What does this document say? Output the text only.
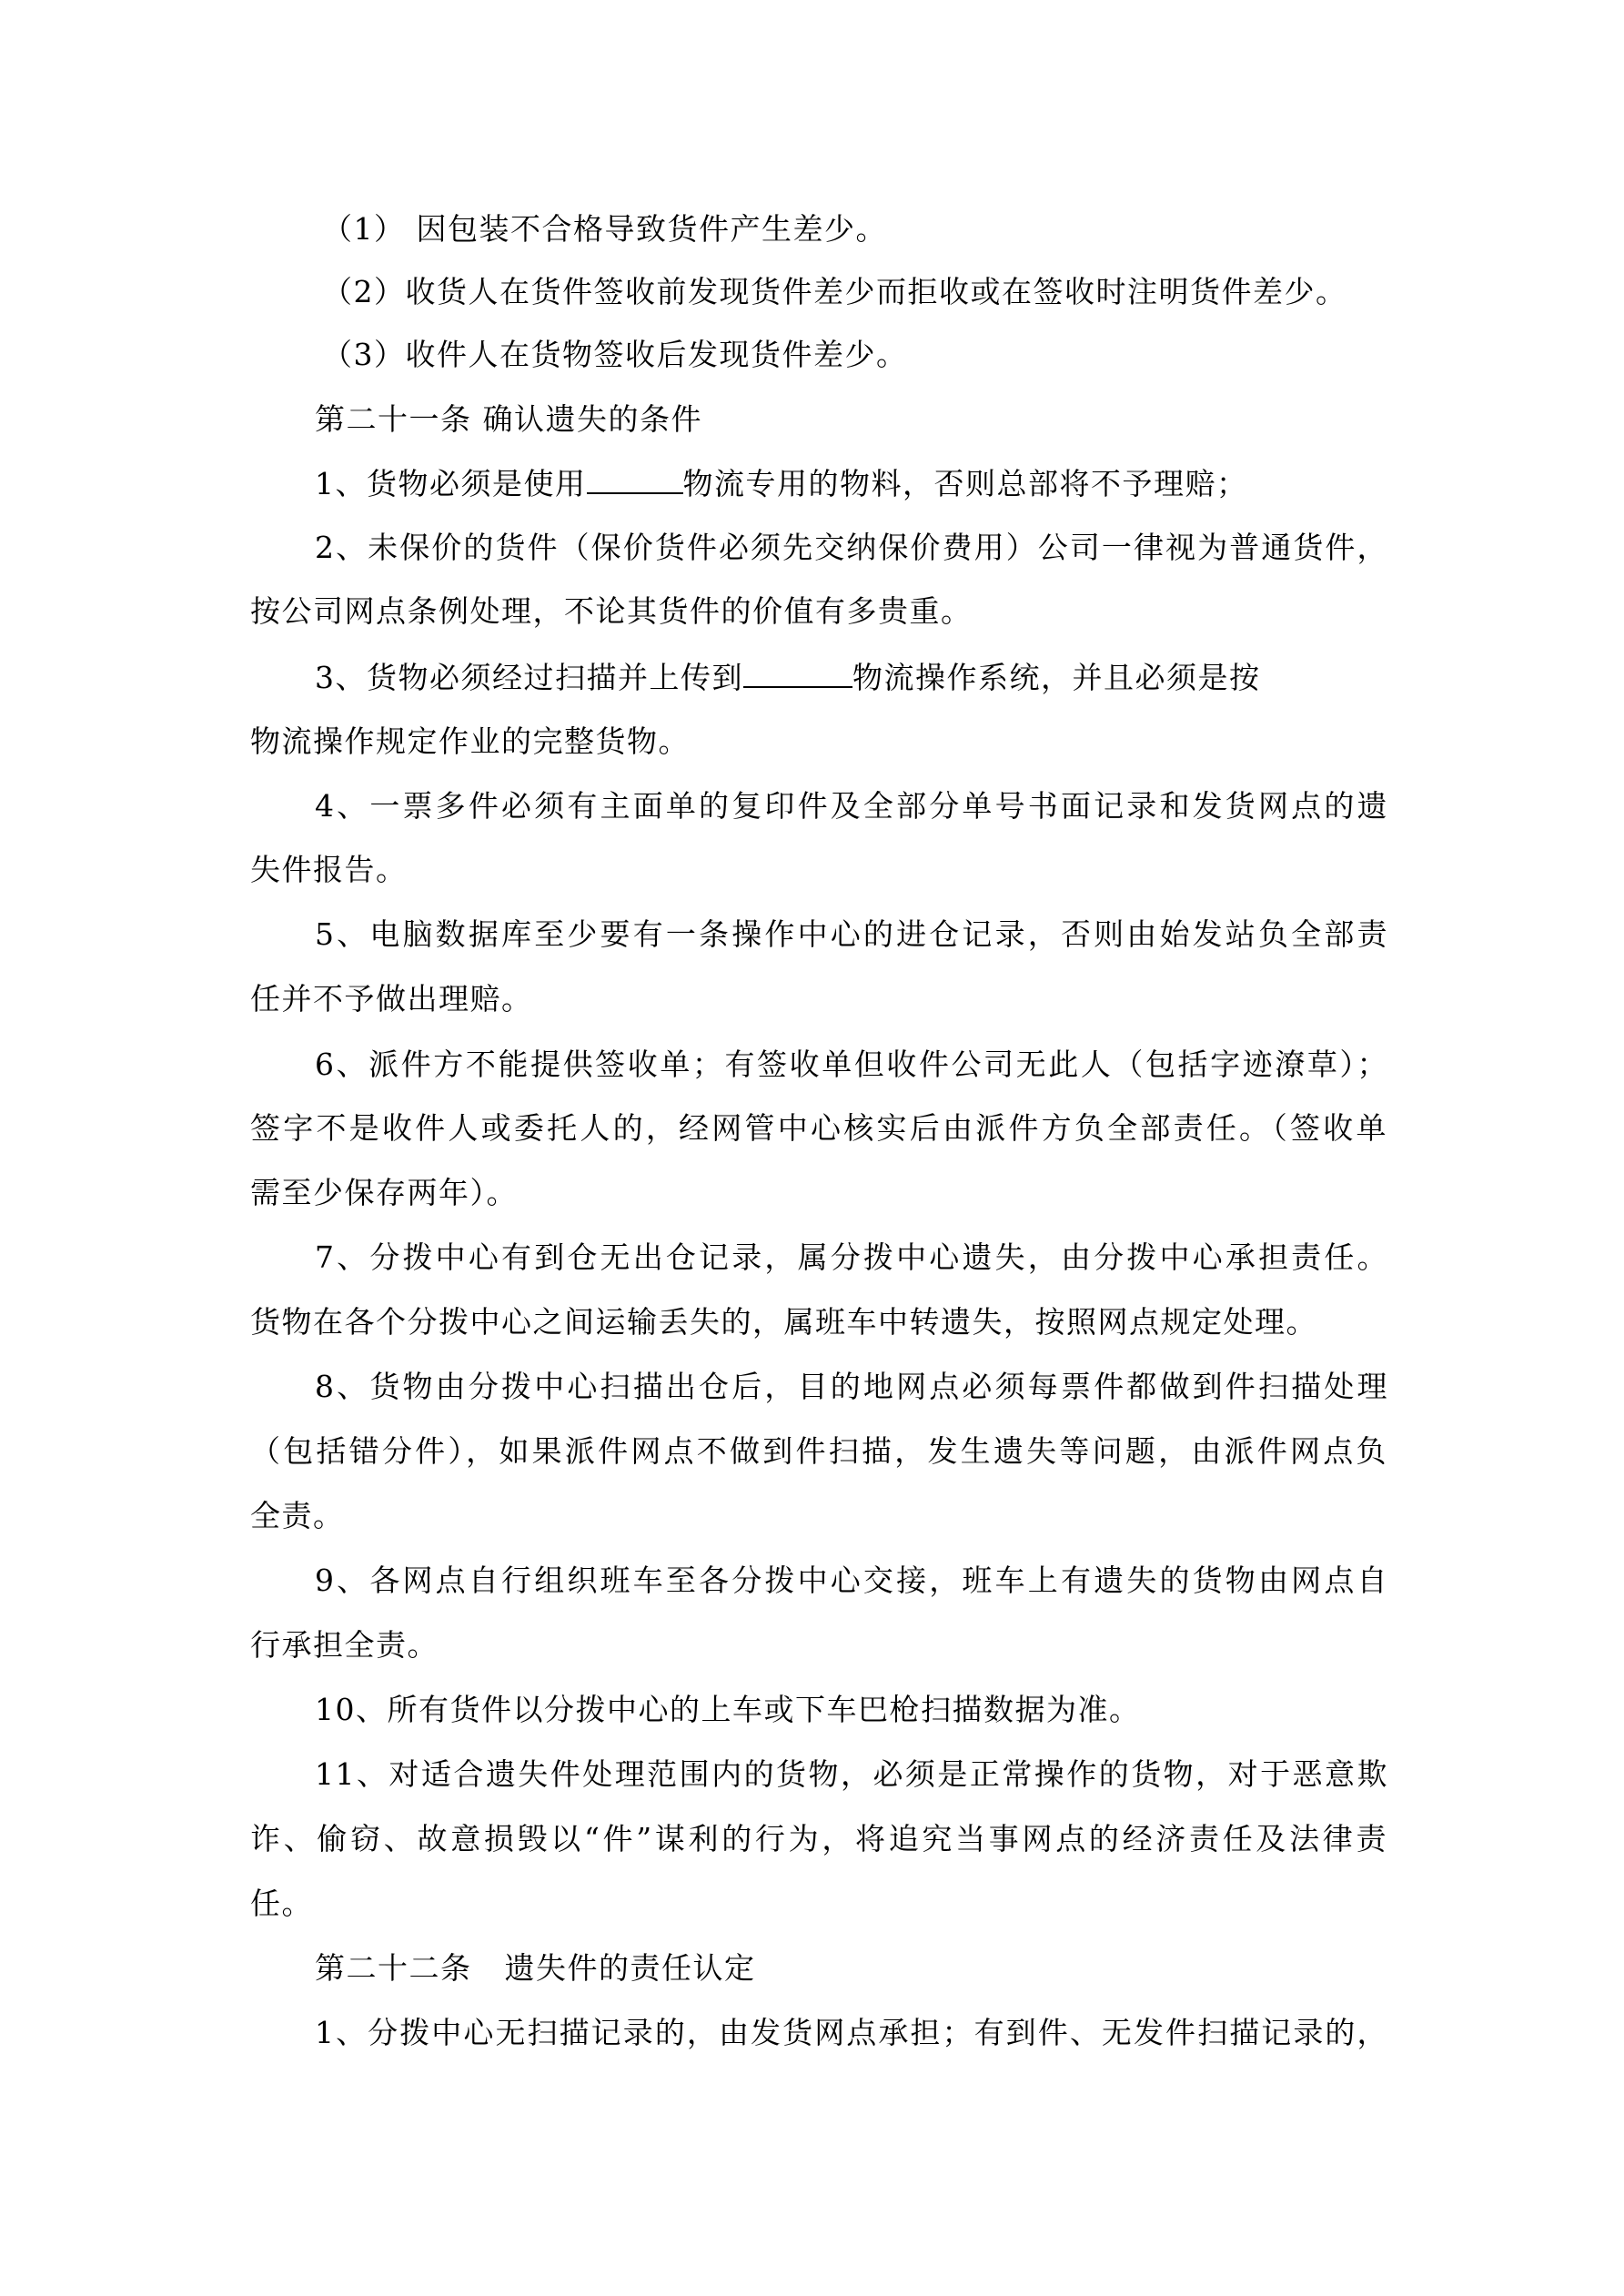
（1） 因包装不合格导致货件产生差少。
（2）收货人在货件签收前发现货件差少而拒收或在签收时注明货件差少。
（3）收件人在货物签收后发现货件差少。
第二十一条 确认遗失的条件
1、货物必须是使用	物流专用的物料，否则总部将不予理赔；
2、未保价的货件（保价货件必须先交纳保价费用）公司一律视为普通货件，
按公司网点条例处理，不论其货件的价值有多贵重。
3、货物必须经过扫描并上传到	物流操作系统，并且必须是按
物流操作规定作业的完整货物。
4、一票多件必须有主面单的复印件及全部分单号书面记录和发货网点的遗
失件报告。
5、电脑数据库至少要有一条操作中心的进仓记录，否则由始发站负全部责
任并不予做出理赔。
6、派件方不能提供签收单；有签收单但收件公司无此人（包括字迹潦草）；
签字不是收件人或委托人的，经网管中心核实后由派件方负全部责任。（签收单
需至少保存两年）。
7、分拨中心有到仓无出仓记录，属分拨中心遗失，由分拨中心承担责任。
货物在各个分拨中心之间运输丢失的，属班车中转遗失，按照网点规定处理。
8、货物由分拨中心扫描出仓后，目的地网点必须每票件都做到件扫描处理
（包括错分件），如果派件网点不做到件扫描，发生遗失等问题，由派件网点负
全责。
9、各网点自行组织班车至各分拨中心交接，班车上有遗失的货物由网点自
行承担全责。
10、所有货件以分拨中心的上车或下车巴枪扫描数据为准。
11、对适合遗失件处理范围内的货物，必须是正常操作的货物，对于恶意欺
诈、偷窃、故意损毁以“件”谋利的行为，将追究当事网点的经济责任及法律责
任。
第二十二条   遗失件的责任认定
1、分拨中心无扫描记录的，由发货网点承担；有到件、无发件扫描记录的，
